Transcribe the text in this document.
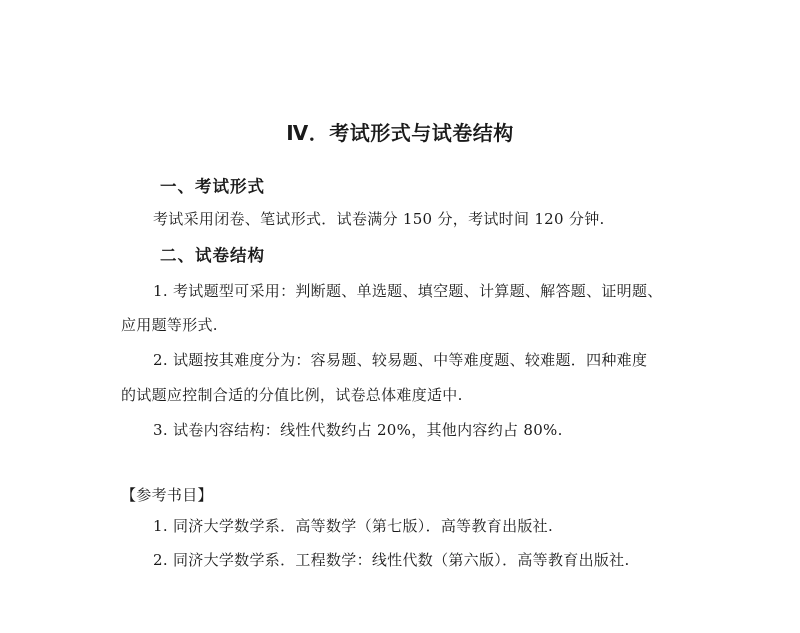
Ⅳ．考试形式与试卷结构
一、考试形式
考试采用闭卷、笔试形式．试卷满分 150 分，考试时间 120 分钟.
二、试卷结构
1. 考试题型可采用：判断题、单选题、填空题、计算题、解答题、证明题、
应用题等形式.
2. 试题按其难度分为：容易题、较易题、中等难度题、较难题．四种难度
的试题应控制合适的分值比例，试卷总体难度适中.
3. 试卷内容结构：线性代数约占 20%，其他内容约占 80%.
【参考书目】
1. 同济大学数学系．高等数学（第七版）．高等教育出版社.
2. 同济大学数学系．工程数学：线性代数（第六版）．高等教育出版社.
